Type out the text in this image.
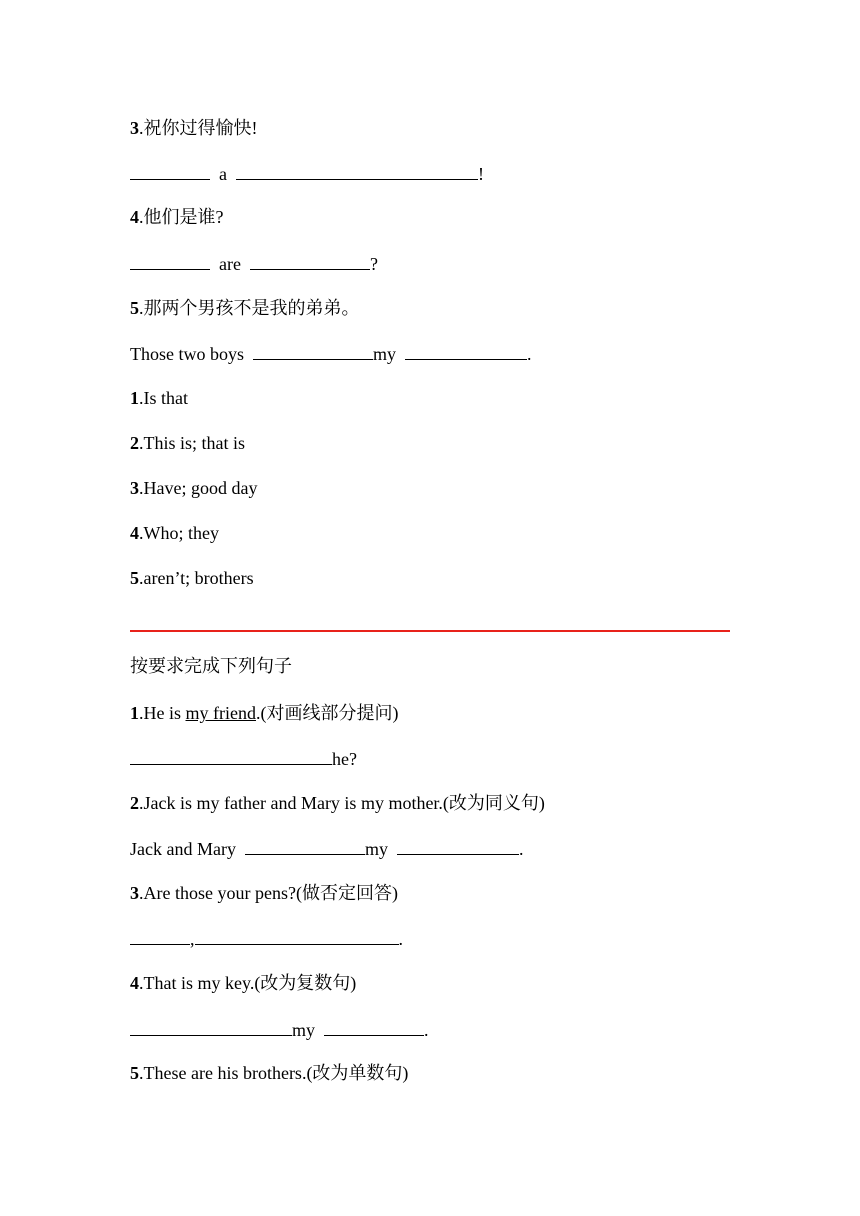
3.祝你过得愉快!
a	!
4.他们是谁?
are	?
5.那两个男孩不是我的弟弟。
Those two boys	my	.
1.Is that
2.This is; that is
3.Have; good day
4.Who; they
5.aren’t; brothers
按要求完成下列句子
1.He is my friend.(对画线部分提问)
he?
2.Jack is my father and Mary is my mother.(改为同义句)
Jack and Mary	my	.
3.Are those your pens?(做否定回答)
,	.
4.That is my key.(改为复数句)
my	.
5.These are his brothers.(改为单数句)
